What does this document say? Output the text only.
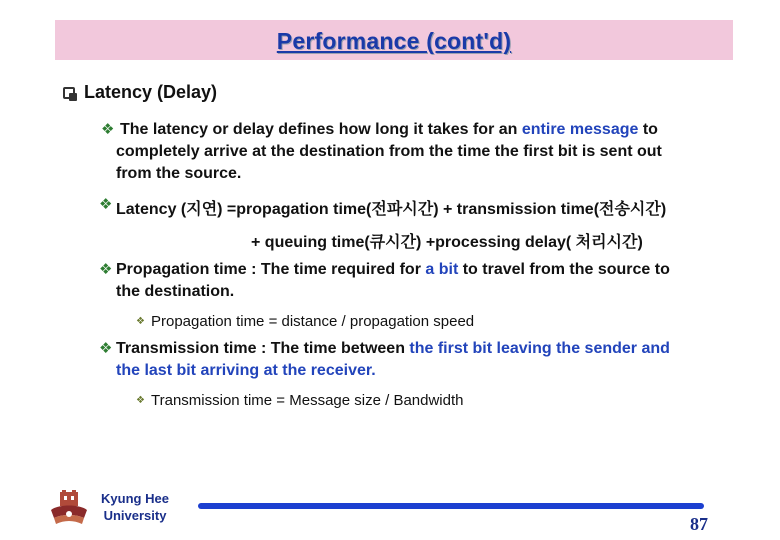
Performance (cont'd)
Latency (Delay)
❖ The latency or delay defines how long it takes for an entire message to
completely arrive at the destination from the time the first bit is sent out
from the source.
❖ Latency (지연) =propagation time(전파시간) + transmission time(전송시간)
+ queuing time(큐시간) +processing delay( 처리시간)
❖ Propagation time : The time required for a bit to travel from the source to
the destination.
❖ Propagation time = distance / propagation speed
❖ Transmission time : The time between the first bit leaving the sender and
the last bit arriving at the receiver.
❖ Transmission time = Message size / Bandwidth
Kyung Hee
University	87
